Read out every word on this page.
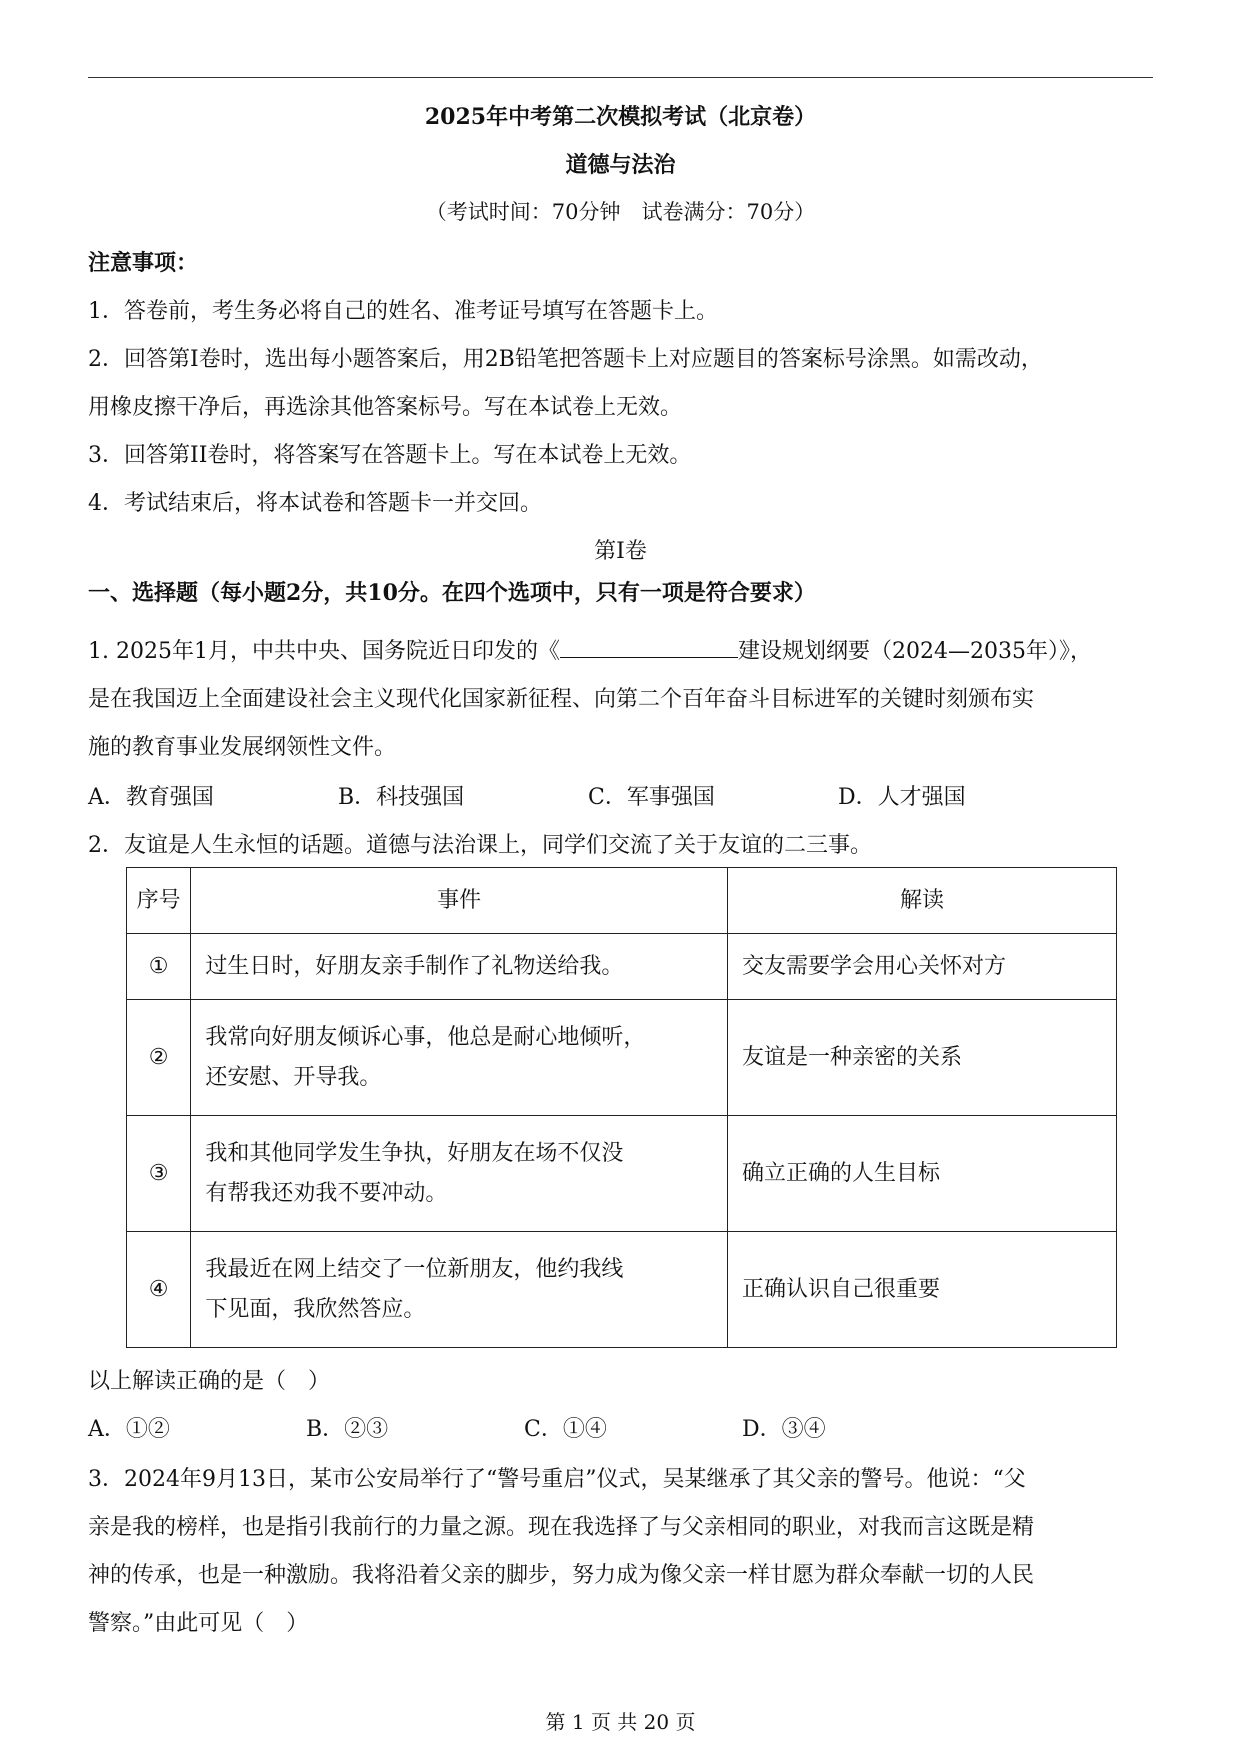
2025年中考第二次模拟考试（北京卷）
道德与法治
（考试时间：70分钟　试卷满分：70分）
注意事项：
1．答卷前，考生务必将自己的姓名、准考证号填写在答题卡上。
2．回答第I卷时，选出每小题答案后，用2B铅笔把答题卡上对应题目的答案标号涂黑。如需改动，
用橡皮擦干净后，再选涂其他答案标号。写在本试卷上无效。
3．回答第II卷时，将答案写在答题卡上。写在本试卷上无效。
4．考试结束后，将本试卷和答题卡一并交回。
第I卷
一、选择题（每小题2分，共10分。在四个选项中，只有一项是符合要求）
1. 2025年1月，中共中央、国务院近日印发的《	建设规划纲要（2024—2035年）》，
是在我国迈上全面建设社会主义现代化国家新征程、向第二个百年奋斗目标进军的关键时刻颁布实
施的教育事业发展纲领性文件。
A．教育强国	B．科技强国	C．军事强国	D．人才强国
2．友谊是人生永恒的话题。道德与法治课上，同学们交流了关于友谊的二三事。
序号	事件	解读
①	过生日时，好朋友亲手制作了礼物送给我。	交友需要学会用心关怀对方
②	我常向好朋友倾诉心事，他总是耐心地倾听，
还安慰、开导我。	友谊是一种亲密的关系
③	我和其他同学发生争执，好朋友在场不仅没
有帮我还劝我不要冲动。	确立正确的人生目标
④	我最近在网上结交了一位新朋友，他约我线
下见面，我欣然答应。	正确认识自己很重要
以上解读正确的是（　）
A．①②	B．②③	C．①④	D．③④
3．2024年9月13日，某市公安局举行了“警号重启”仪式，吴某继承了其父亲的警号。他说：“父
亲是我的榜样，也是指引我前行的力量之源。现在我选择了与父亲相同的职业，对我而言这既是精
神的传承，也是一种激励。我将沿着父亲的脚步，努力成为像父亲一样甘愿为群众奉献一切的人民
警察。”由此可见（　）
第 1 页 共 20 页
